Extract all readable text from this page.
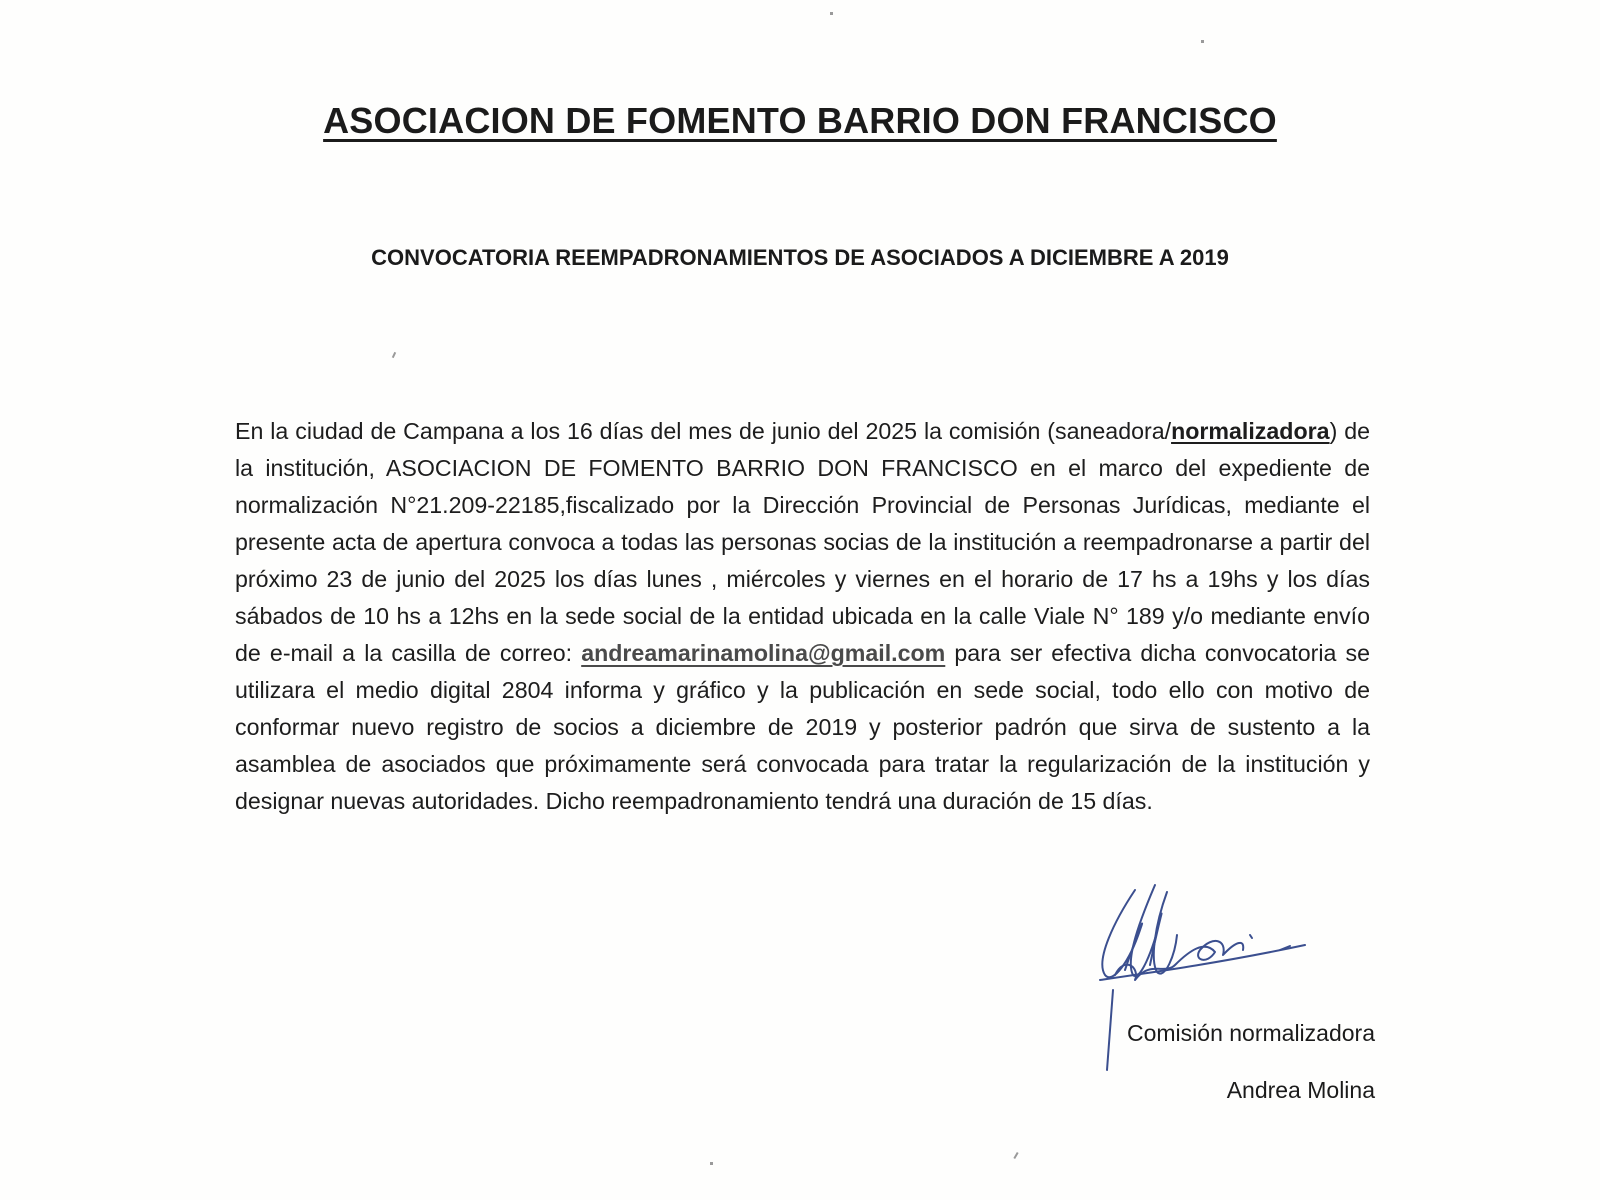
ASOCIACION DE FOMENTO BARRIO DON FRANCISCO
CONVOCATORIA REEMPADRONAMIENTOS DE ASOCIADOS A DICIEMBRE A 2019
En la ciudad de Campana a los 16 días del mes de junio del 2025 la comisión (saneadora/normalizadora) de la institución, ASOCIACION DE FOMENTO BARRIO DON FRANCISCO en el marco del expediente de normalización N°21.209-22185,fiscalizado por la Dirección Provincial de Personas Jurídicas, mediante el presente acta de apertura convoca a todas las personas socias de la institución a reempadronarse a partir del próximo 23 de junio del 2025 los días lunes , miércoles y viernes en el horario de 17 hs a 19hs y los días sábados de 10 hs a 12hs en la sede social de la entidad ubicada en la calle Viale N° 189 y/o mediante envío de e-mail a la casilla de correo: andreamarinamolina@gmail.com para ser efectiva dicha convocatoria se utilizara el medio digital 2804 informa y gráfico y la publicación en sede social, todo ello con motivo de conformar nuevo registro de socios a diciembre de 2019 y posterior padrón que sirva de sustento a la asamblea de asociados que próximamente será convocada para tratar la regularización de la institución y designar nuevas autoridades. Dicho reempadronamiento tendrá una duración de 15 días.
Comisión normalizadora
Andrea Molina
